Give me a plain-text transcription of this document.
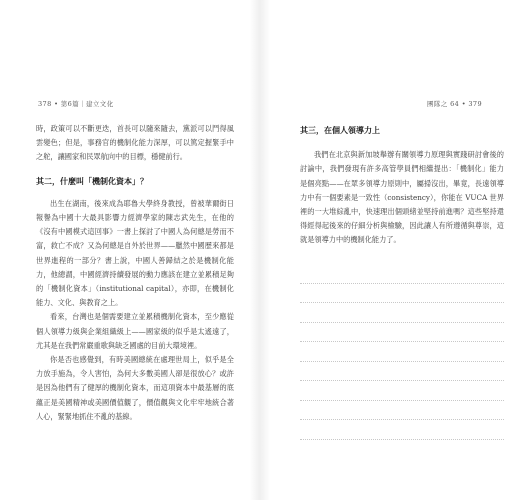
378 • 第6篇｜建立文化

時，政策可以不斷更迭，首長可以隨來隨去，黨派可以鬥得風雲變色；但是，事務官的機制化能力深厚，可以篤定握緊手中之舵，讓國家和民眾航向中的目標，穩健前行。

其二，什麼叫「機制化資本」？

出生在湖南，後來成為耶魯大學終身教授，曾被華爾街日報譽為中國十大最具影響力經濟學家的陳志武先生，在他的《沒有中國模式這回事》一書上探討了中國人為何總是勞而不富，救亡不成？又為何總是自外於世界——臘然中國歷來都是世界進程的一部分？書上說，中國人善歸結之於是機制化能力，他總謂，中國經濟持續發展的動力應該在建立並累積足夠的「機制化資本」（institutional capital），亦即，在機制化能力、文化、與教育之上。

看來，台灣也是個需要建立並累積機制化資本，至少應從個人領導力級與企業組織級上——國家級的似乎是太遙遠了，尤其是在我們常嚴重歌與缺乏國處的目前大環境裡。

你是否也感覺到，有時美國總統在處理世局上，似乎是全力放手施為，令人害怕，為何大多數美國人卻是很放心？或許是因為他們有了健厚的機制化資本，而這項資本中最基層的底蘊正是美國精神或美國價值觀了，價值觀與文化牢牢地統合著人心，緊緊地抓住不亂的基線。

團隊之 64 • 379
其三，在個人領導力上

我們在北京與新加坡舉辦有關領導力原理與實踐研討會後的討論中，我們發現有許多高管學員們相繼提出：「機制化」能力是個亮點——在眾多領導力原則中，屬掃沒出，畢竟，長遠領導力中有一個要素是一致性（consistency），你能在 VUCA 世界裡的一大堆綜亂中，快速理出個頭緒並堅持前進嗎？這些堅持還得經得起後來的仔細分析與檢驗，因此讓人有所遵循與尊崇，這就是領導力中的機制化能力了。
